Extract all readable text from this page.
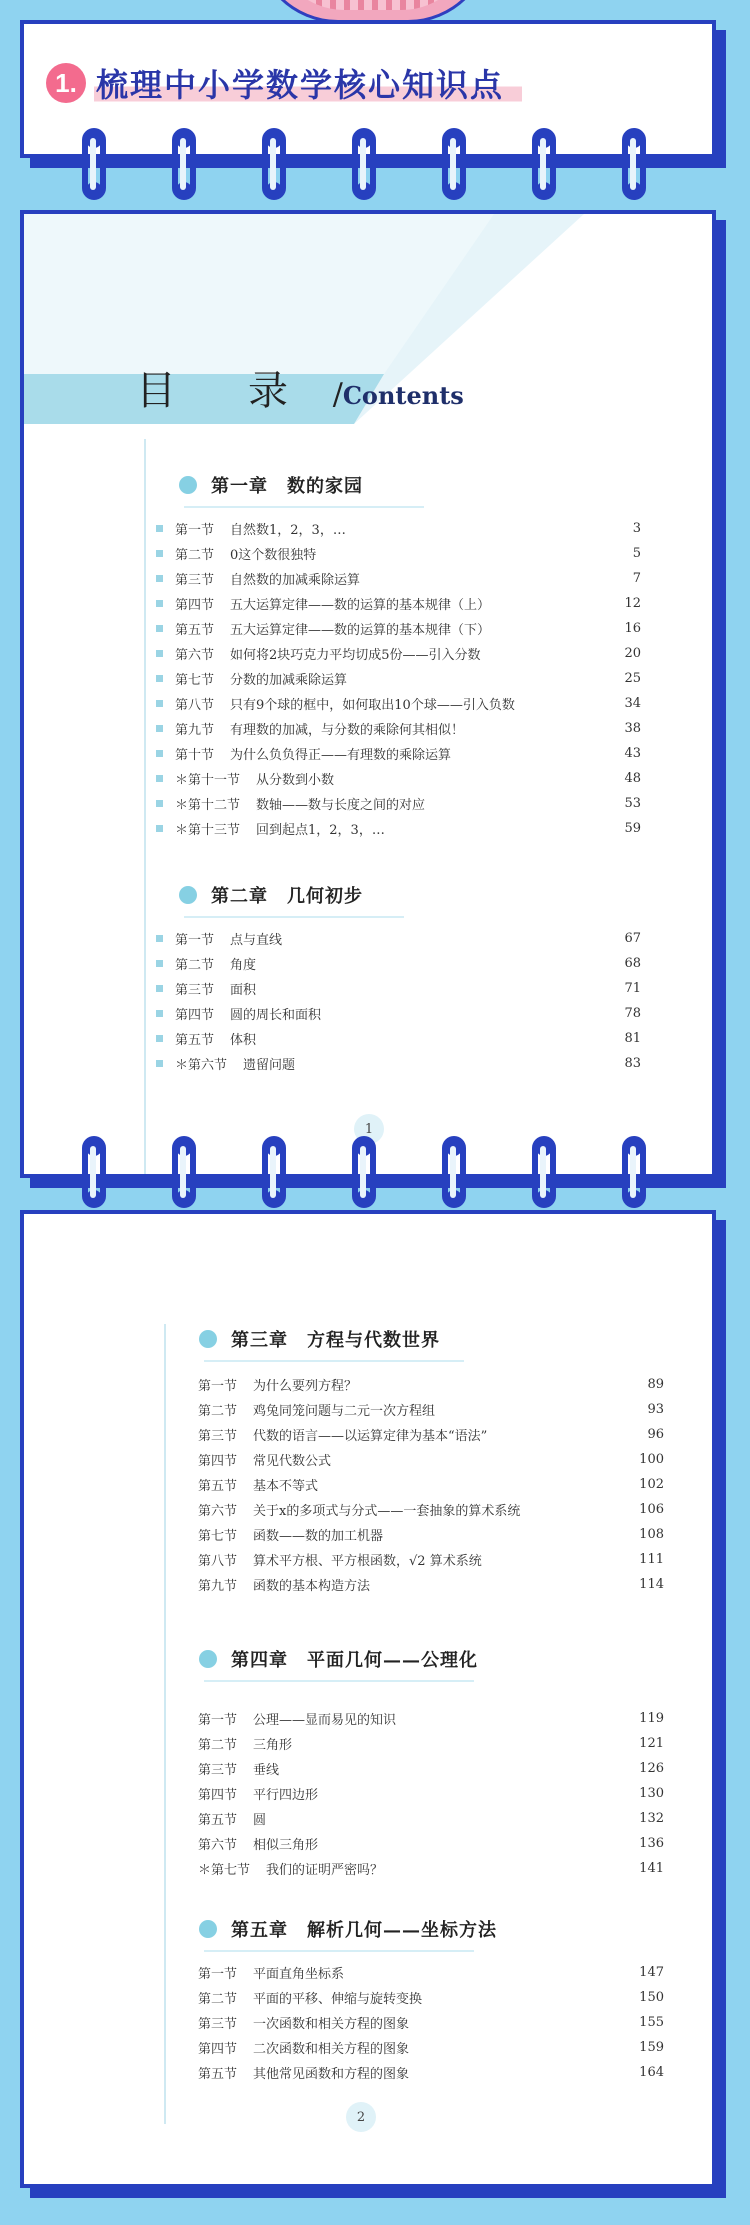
1. 梳理中小学数学核心知识点
目　录 /Contents
第一章　数的家园
第一节 自然数1，2，3，…	3
第二节 0这个数很独特	5
第三节 自然数的加减乘除运算	7
第四节 五大运算定律——数的运算的基本规律（上）	12
第五节 五大运算定律——数的运算的基本规律（下）	16
第六节 如何将2块巧克力平均切成5份——引入分数	20
第七节 分数的加减乘除运算	25
第八节 只有9个球的框中，如何取出10个球——引入负数	34
第九节 有理数的加减，与分数的乘除何其相似！	38
第十节 为什么负负得正——有理数的乘除运算	43
＊第十一节 从分数到小数	48
＊第十二节 数轴——数与长度之间的对应	53
＊第十三节 回到起点1，2，3，…	59
第二章　几何初步
第一节 点与直线	67
第二节 角度	68
第三节 面积	71
第四节 圆的周长和面积	78
第五节 体积	81
＊第六节 遗留问题	83
1
第三章　方程与代数世界
第一节 为什么要列方程？	89
第二节 鸡兔同笼问题与二元一次方程组	93
第三节 代数的语言——以运算定律为基本“语法”	96
第四节 常见代数公式	100
第五节 基本不等式	102
第六节 关于x的多项式与分式——一套抽象的算术系统	106
第七节 函数——数的加工机器	108
第八节 算术平方根、平方根函数，√2 算术系统	111
第九节 函数的基本构造方法	114
第四章　平面几何——公理化
第一节 公理——显而易见的知识	119
第二节 三角形	121
第三节 垂线	126
第四节 平行四边形	130
第五节 圆	132
第六节 相似三角形	136
＊第七节 我们的证明严密吗？	141
第五章　解析几何——坐标方法
第一节 平面直角坐标系	147
第二节 平面的平移、伸缩与旋转变换	150
第三节 一次函数和相关方程的图象	155
第四节 二次函数和相关方程的图象	159
第五节 其他常见函数和方程的图象	164
2
